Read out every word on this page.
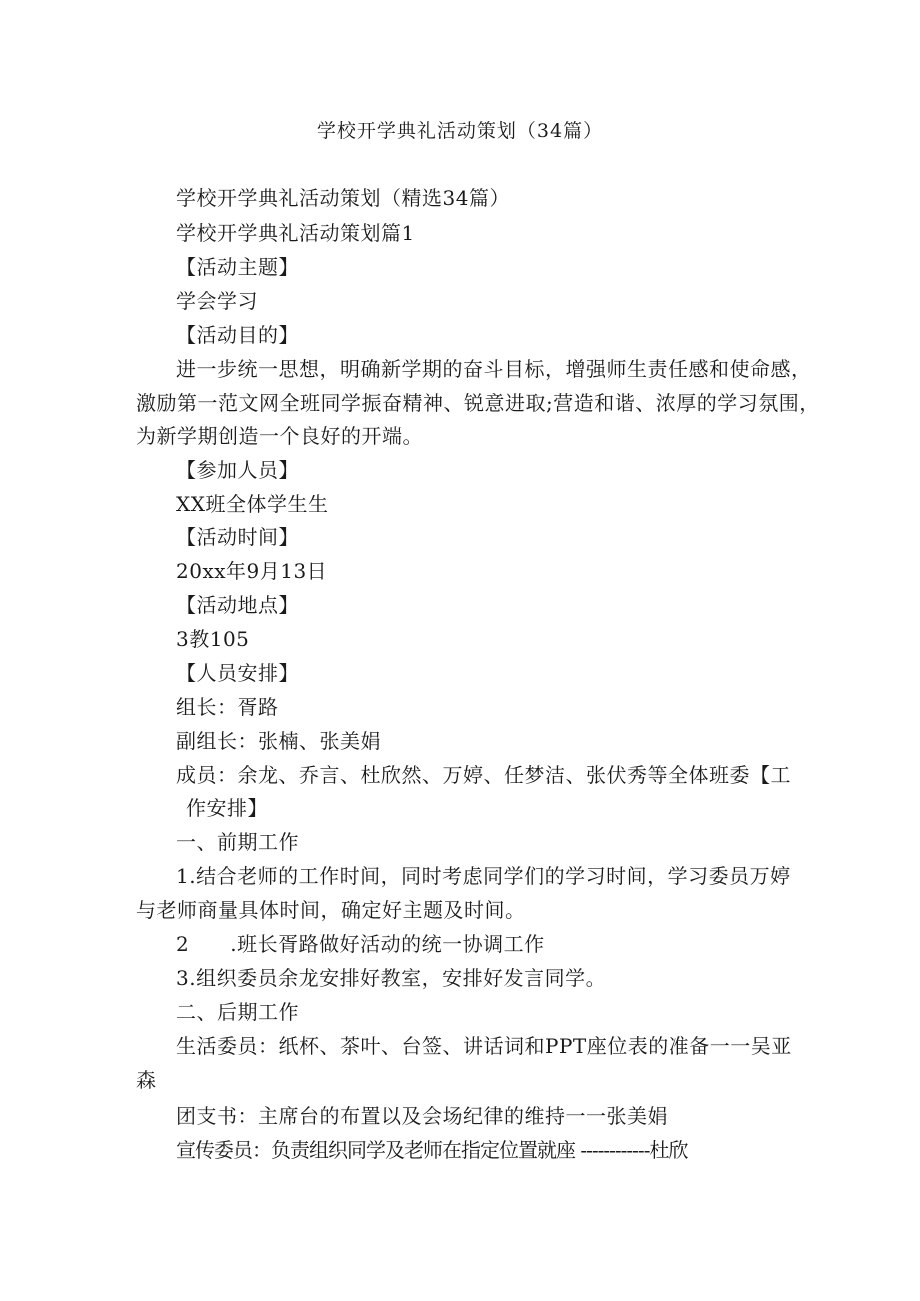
学校开学典礼活动策划（34篇）
学校开学典礼活动策划（精选34篇）
学校开学典礼活动策划篇1
【活动主题】
学会学习
【活动目的】
进一步统一思想，明确新学期的奋斗目标，增强师生责任感和使命感，
激励第一范文网全班同学振奋精神、锐意进取;营造和谐、浓厚的学习氛围，
为新学期创造一个良好的开端。
【参加人员】
XX班全体学生生
【活动时间】
20xx年9月13日
【活动地点】
3教105
【人员安排】
组长：胥路
副组长：张楠、张美娟
成员：余龙、乔言、杜欣然、万婷、任梦洁、张伏秀等全体班委【工
作安排】
一、前期工作
1.结合老师的工作时间，同时考虑同学们的学习时间，学习委员万婷
与老师商量具体时间，确定好主题及时间。
2　　.班长胥路做好活动的统一协调工作
3.组织委员余龙安排好教室，安排好发言同学。
二、后期工作
生活委员：纸杯、茶叶、台签、讲话词和PPT座位表的准备一一吴亚
森
团支书：主席台的布置以及会场纪律的维持一一张美娟
宣传委员：负责组织同学及老师在指定位置就座 ------------杜欣
